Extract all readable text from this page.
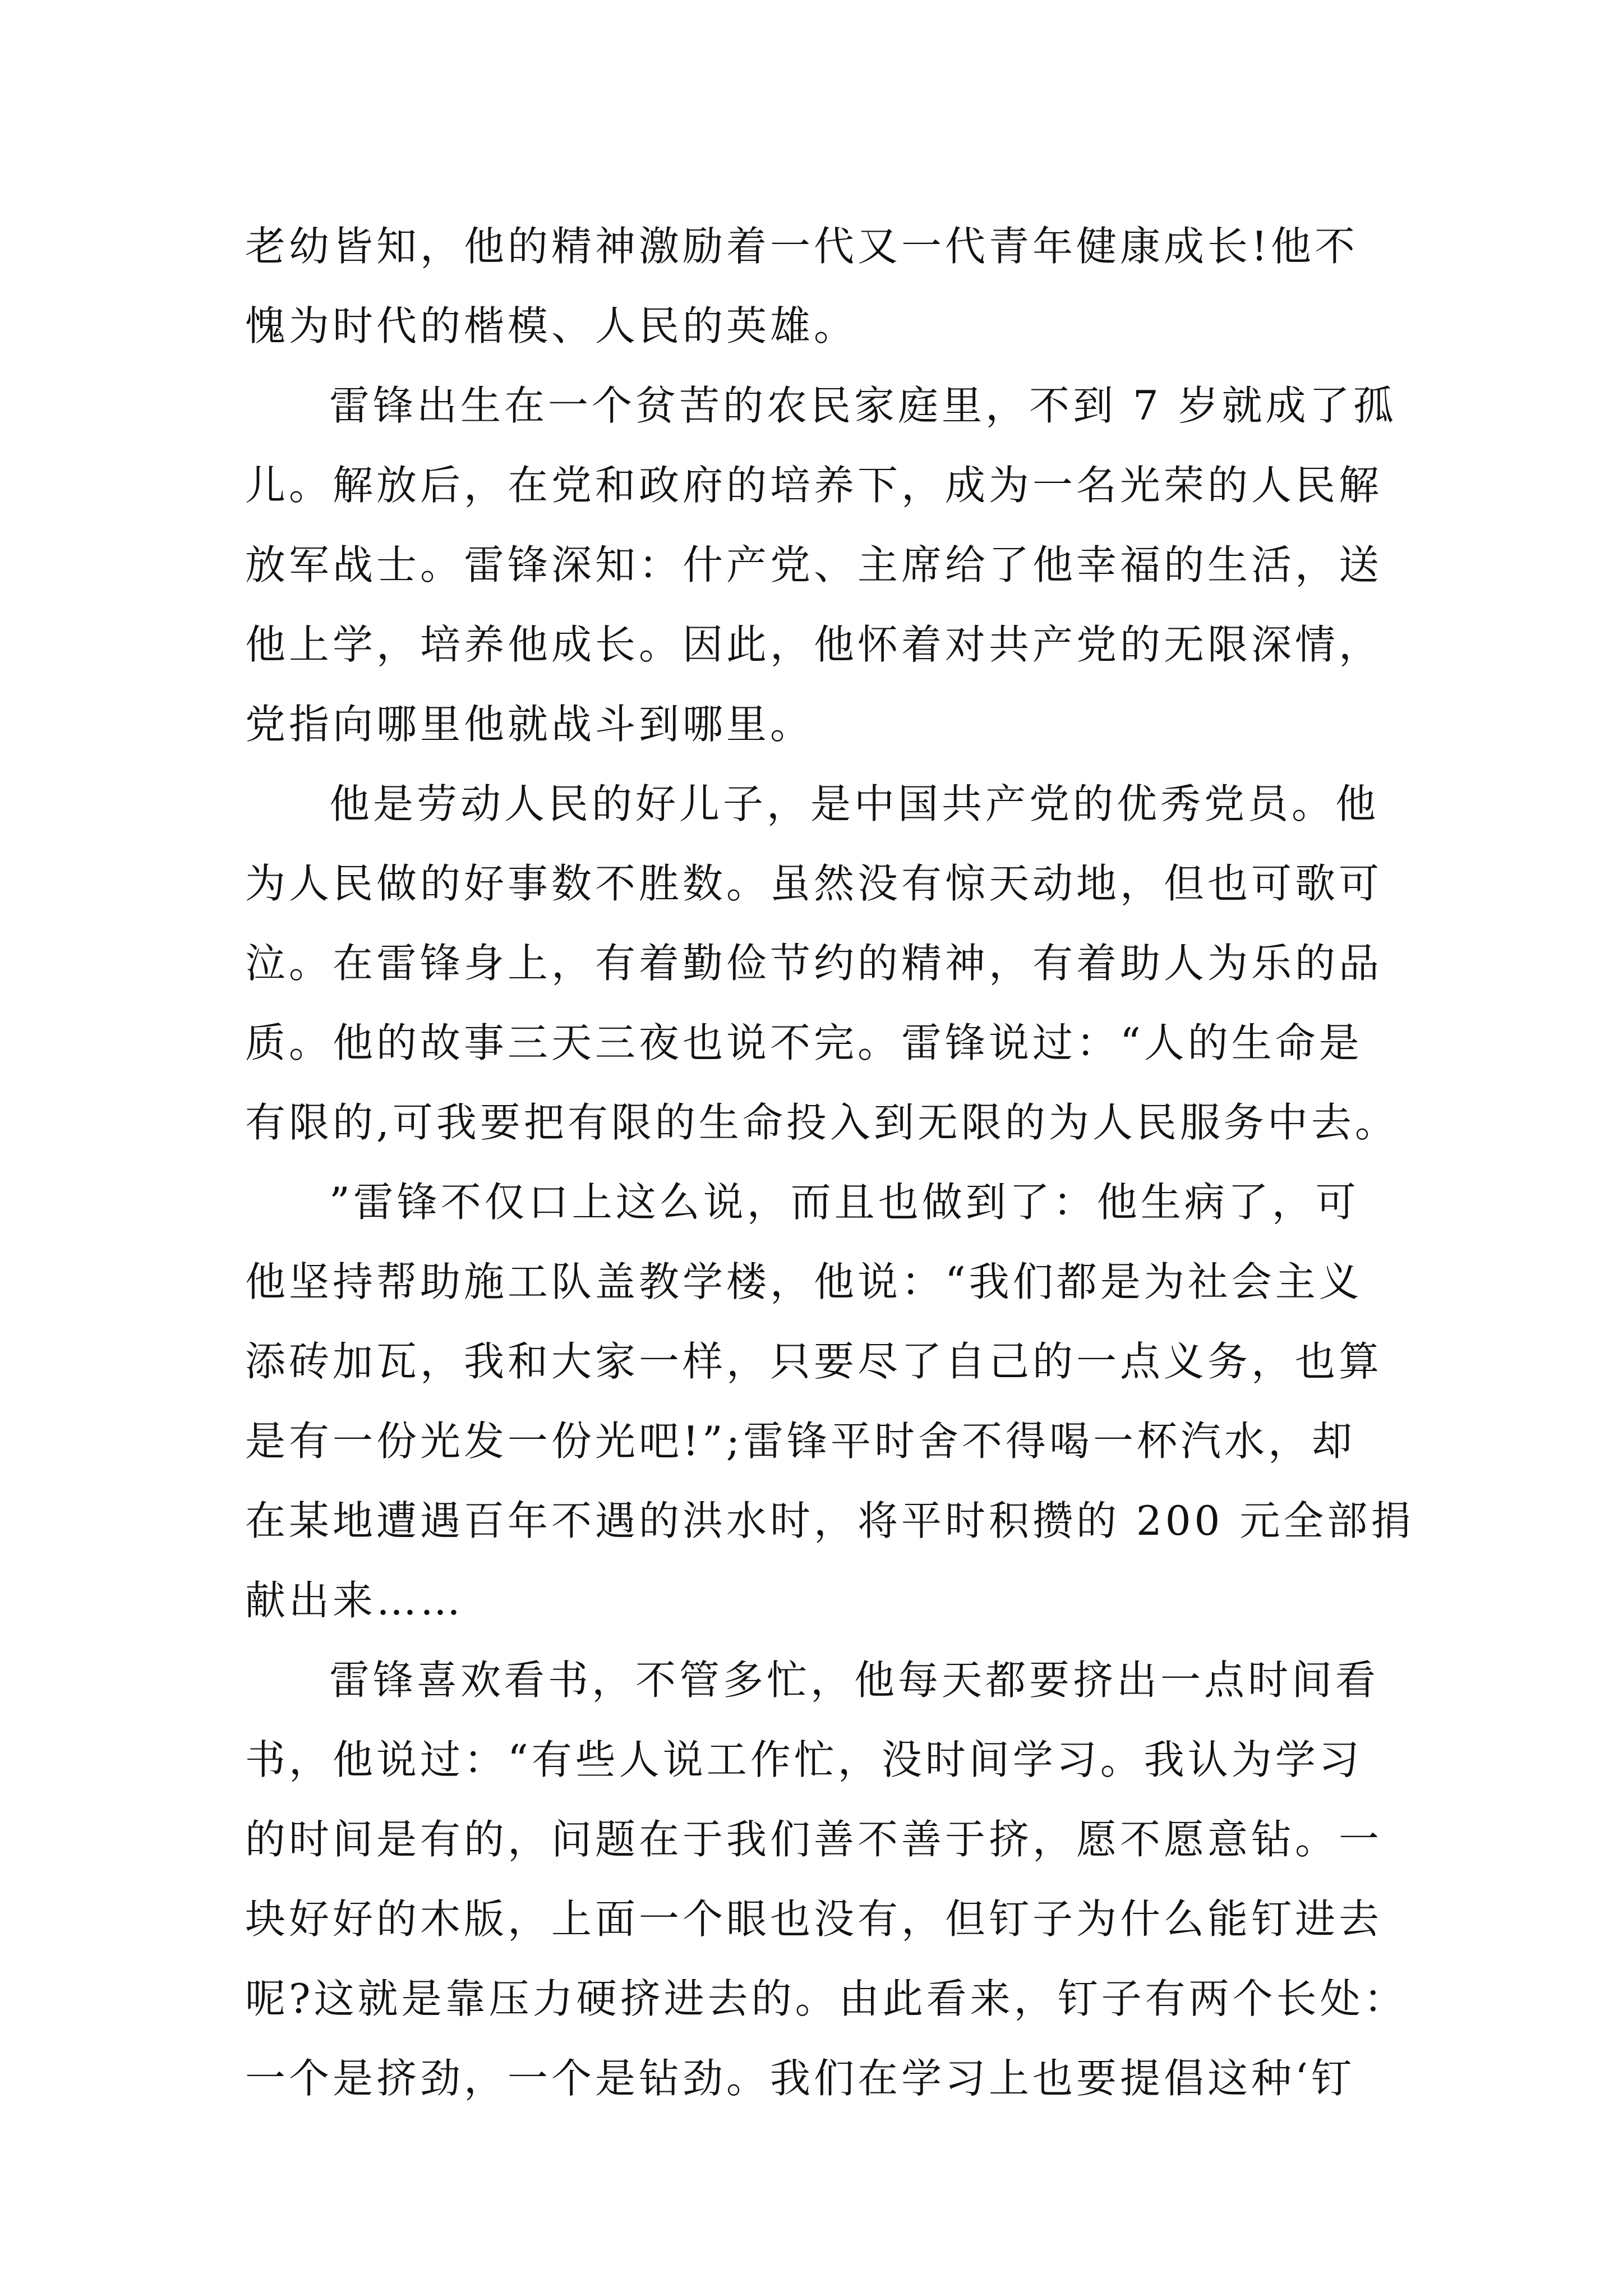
老幼皆知，他的精神激励着一代又一代青年健康成长!他不
愧为时代的楷模、人民的英雄。
雷锋出生在一个贫苦的农民家庭里，不到 7 岁就成了孤
儿。解放后，在党和政府的培养下，成为一名光荣的人民解
放军战士。雷锋深知：什产党、主席给了他幸福的生活，送
他上学，培养他成长。因此，他怀着对共产党的无限深情，
党指向哪里他就战斗到哪里。
他是劳动人民的好儿子，是中国共产党的优秀党员。他
为人民做的好事数不胜数。虽然没有惊天动地，但也可歌可
泣。在雷锋身上，有着勤俭节约的精神，有着助人为乐的品
质。他的故事三天三夜也说不完。雷锋说过：“人的生命是
有限的,可我要把有限的生命投入到无限的为人民服务中去。
”雷锋不仅口上这么说，而且也做到了：他生病了，可
他坚持帮助施工队盖教学楼，他说：“我们都是为社会主义
添砖加瓦，我和大家一样，只要尽了自己的一点义务，也算
是有一份光发一份光吧!”;雷锋平时舍不得喝一杯汽水，却
在某地遭遇百年不遇的洪水时，将平时积攒的 200 元全部捐
献出来……
雷锋喜欢看书，不管多忙，他每天都要挤出一点时间看
书，他说过：“有些人说工作忙，没时间学习。我认为学习
的时间是有的，问题在于我们善不善于挤，愿不愿意钻。一
块好好的木版，上面一个眼也没有，但钉子为什么能钉进去
呢?这就是靠压力硬挤进去的。由此看来，钉子有两个长处：
一个是挤劲，一个是钻劲。我们在学习上也要提倡这种‘钉
